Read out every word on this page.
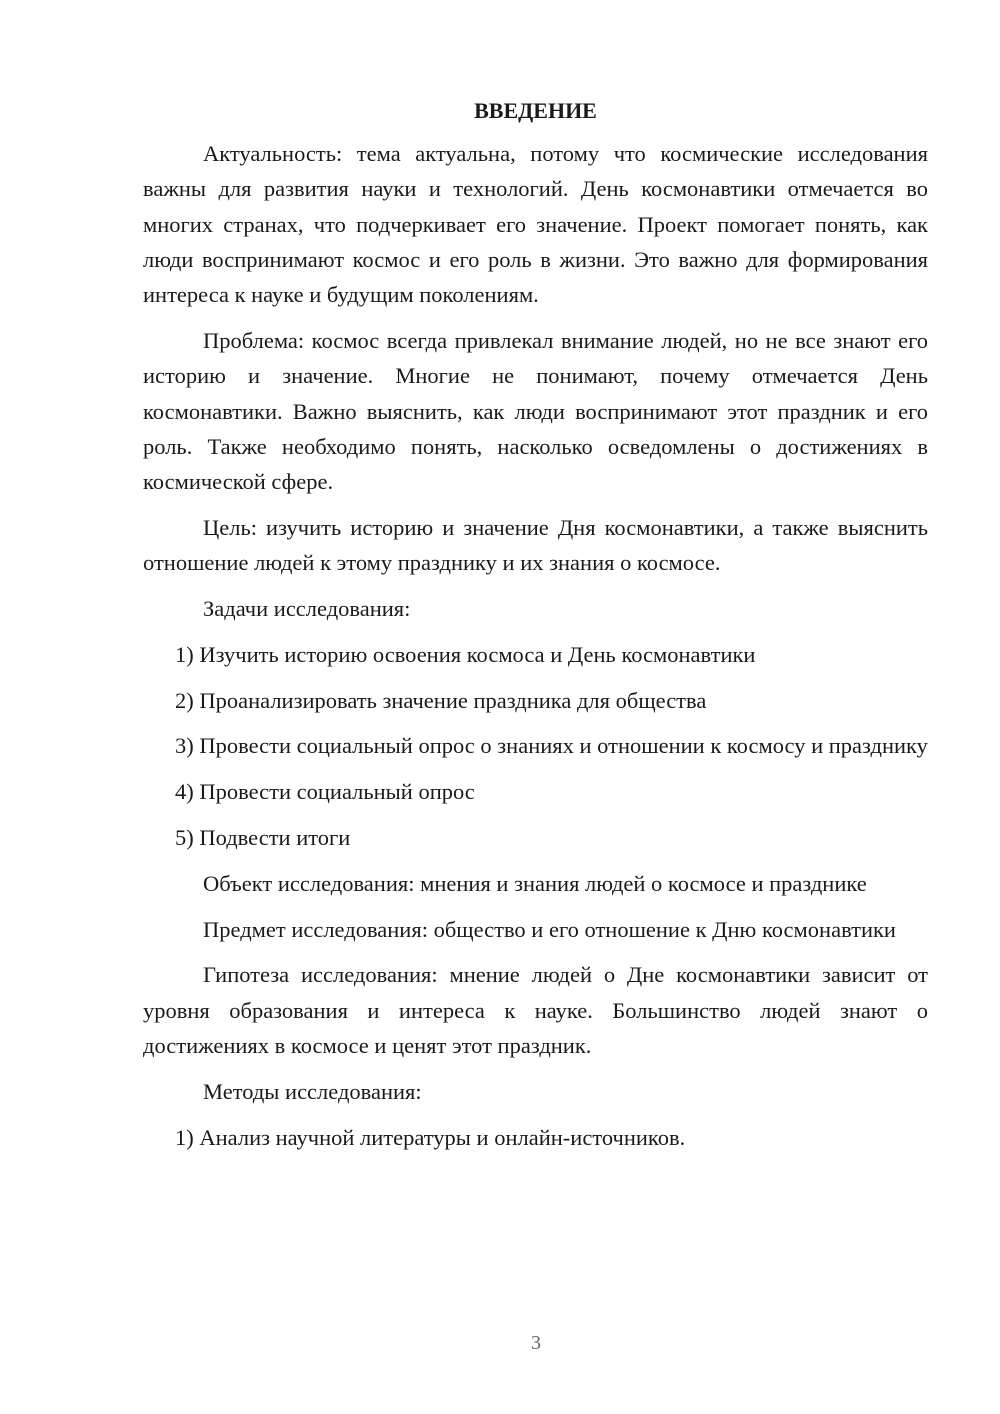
ВВЕДЕНИЕ

Актуальность: тема актуальна, потому что космические исследования важны для развития науки и технологий. День космонавтики отмечается во многих странах, что подчеркивает его значение. Проект помогает понять, как люди воспринимают космос и его роль в жизни. Это важно для формирования интереса к науке и будущим поколениям.

Проблема: космос всегда привлекал внимание людей, но не все знают его историю и значение. Многие не понимают, почему отмечается День космонавтики. Важно выяснить, как люди воспринимают этот праздник и его роль. Также необходимо понять, насколько осведомлены о достижениях в космической сфере.

Цель: изучить историю и значение Дня космонавтики, а также выяснить отношение людей к этому празднику и их знания о космосе.

Задачи исследования:

1) Изучить историю освоения космоса и День космонавтики

2) Проанализировать значение праздника для общества

3) Провести социальный опрос о знаниях и отношении к космосу и празднику

4) Провести социальный опрос

5) Подвести итоги

Объект исследования: мнения и знания людей о космосе и празднике

Предмет исследования: общество и его отношение к Дню космонавтики

Гипотеза исследования: мнение людей о Дне космонавтики зависит от уровня образования и интереса к науке. Большинство людей знают о достижениях в космосе и ценят этот праздник.

Методы исследования:

1) Анализ научной литературы и онлайн-источников.

3
